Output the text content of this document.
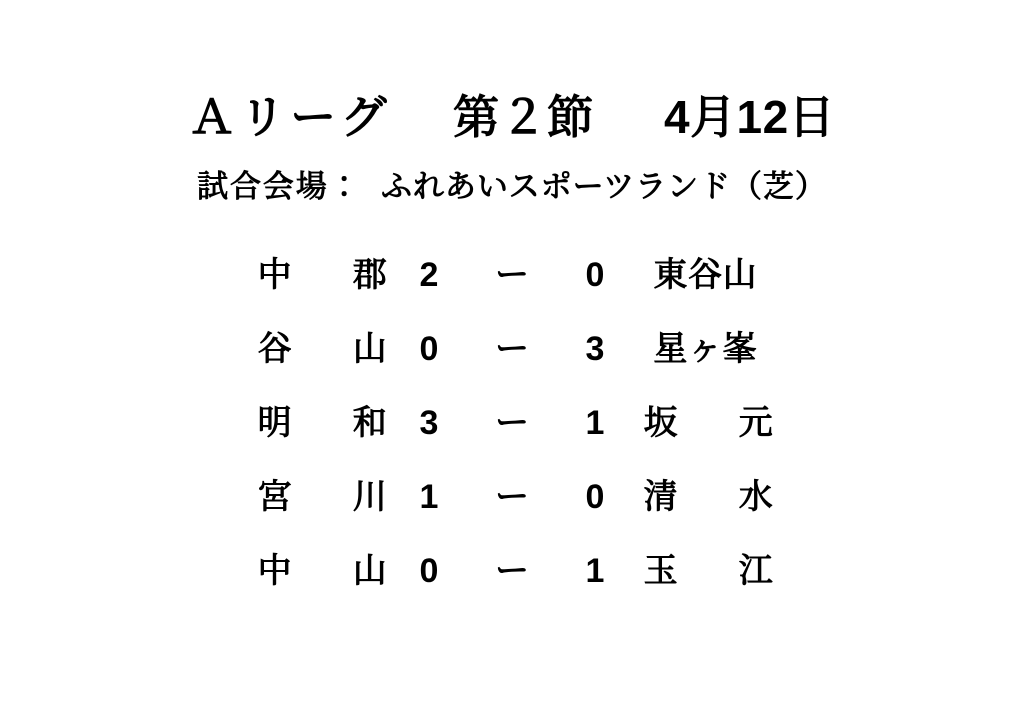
Ａリーグ 第２節 4月12日
試合会場： ふれあいスポーツランド（芝）
中　郡 2	ー	0	東谷山
谷　山 0	ー	3	星ヶ峯
明　和 3	ー	1	坂　元
宮　川 1	ー	0	清　水
中　山 0	ー	1	玉　江
